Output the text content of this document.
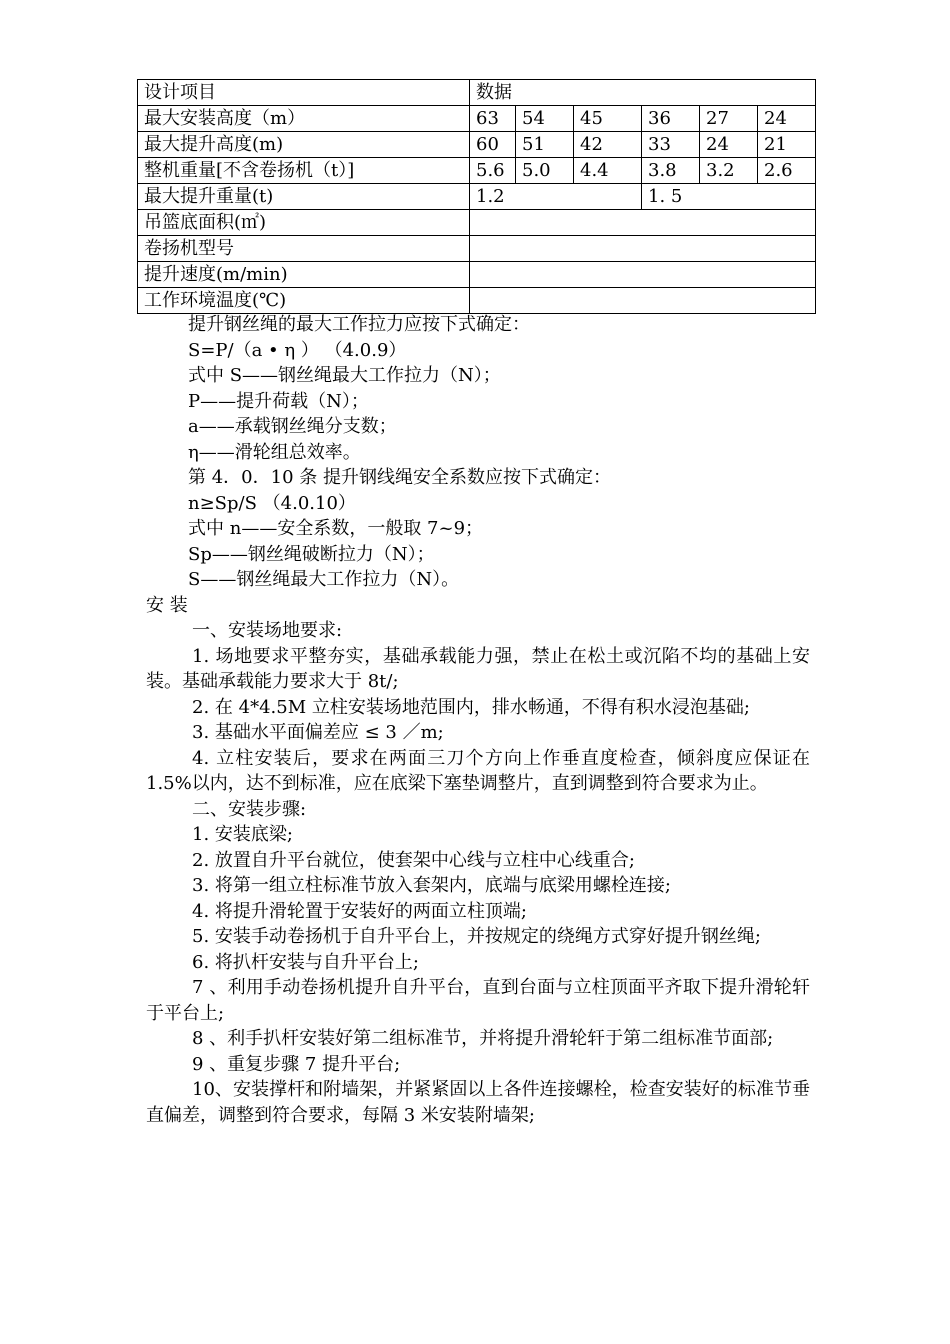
设计项目	数据					
最大安装高度（m）	63	54	45	36	27	24
最大提升高度(m)	60	51	42	33	24	21
整机重量[不含卷扬机（t）]	5.6	5.0	4.4	3.8	3.2	2.6
最大提升重量(t)	1.2			1. 5		
吊篮底面积(㎡)						
卷扬机型号						
提升速度(m/min)						
工作环境温度(℃)						

提升钢丝绳的最大工作拉力应按下式确定：

S=P/（a • η ） （4.0.9）

式中 S——钢丝绳最大工作拉力（N）；

P——提升荷载（N）；

a——承载钢丝绳分支数；

η——滑轮组总效率。

第 4．0．10 条 提升钢线绳安全系数应按下式确定：

n≥Sp/S （4.0.10）

式中 n——安全系数，一般取 7~9；

Sp——钢丝绳破断拉力（N）；

S——钢丝绳最大工作拉力（N）。

安 装

一、安装场地要求:

1. 场地要求平整夯实，基础承载能力强，禁止在松土或沉陷不均的基础上安装。基础承载能力要求大于 8t/;

2. 在 4*4.5M 立柱安装场地范围内，排水畅通，不得有积水浸泡基础;

3. 基础水平面偏差应 ≤ 3 ／m;

4. 立柱安装后，要求在两面三刀个方向上作垂直度检查，倾斜度应保证在 1.5%以内，达不到标准，应在底梁下塞垫调整片，直到调整到符合要求为止。

二、安装步骤:

1. 安装底梁;

2. 放置自升平台就位，使套架中心线与立柱中心线重合;

3. 将第一组立柱标准节放入套架内，底端与底梁用螺栓连接;

4. 将提升滑轮置于安装好的两面立柱顶端;

5. 安装手动卷扬机于自升平台上，并按规定的绕绳方式穿好提升钢丝绳;

6. 将扒杆安装与自升平台上;

7 、利用手动卷扬机提升自升平台，直到台面与立柱顶面平齐取下提升滑轮轩于平台上;

8 、利手扒杆安装好第二组标准节，并将提升滑轮轩于第二组标准节面部;

9 、重复步骤 7 提升平台;

10、安装撑杆和附墙架，并紧紧固以上各件连接螺栓，检查安装好的标准节垂直偏差，调整到符合要求，每隔 3 米安装附墙架;
